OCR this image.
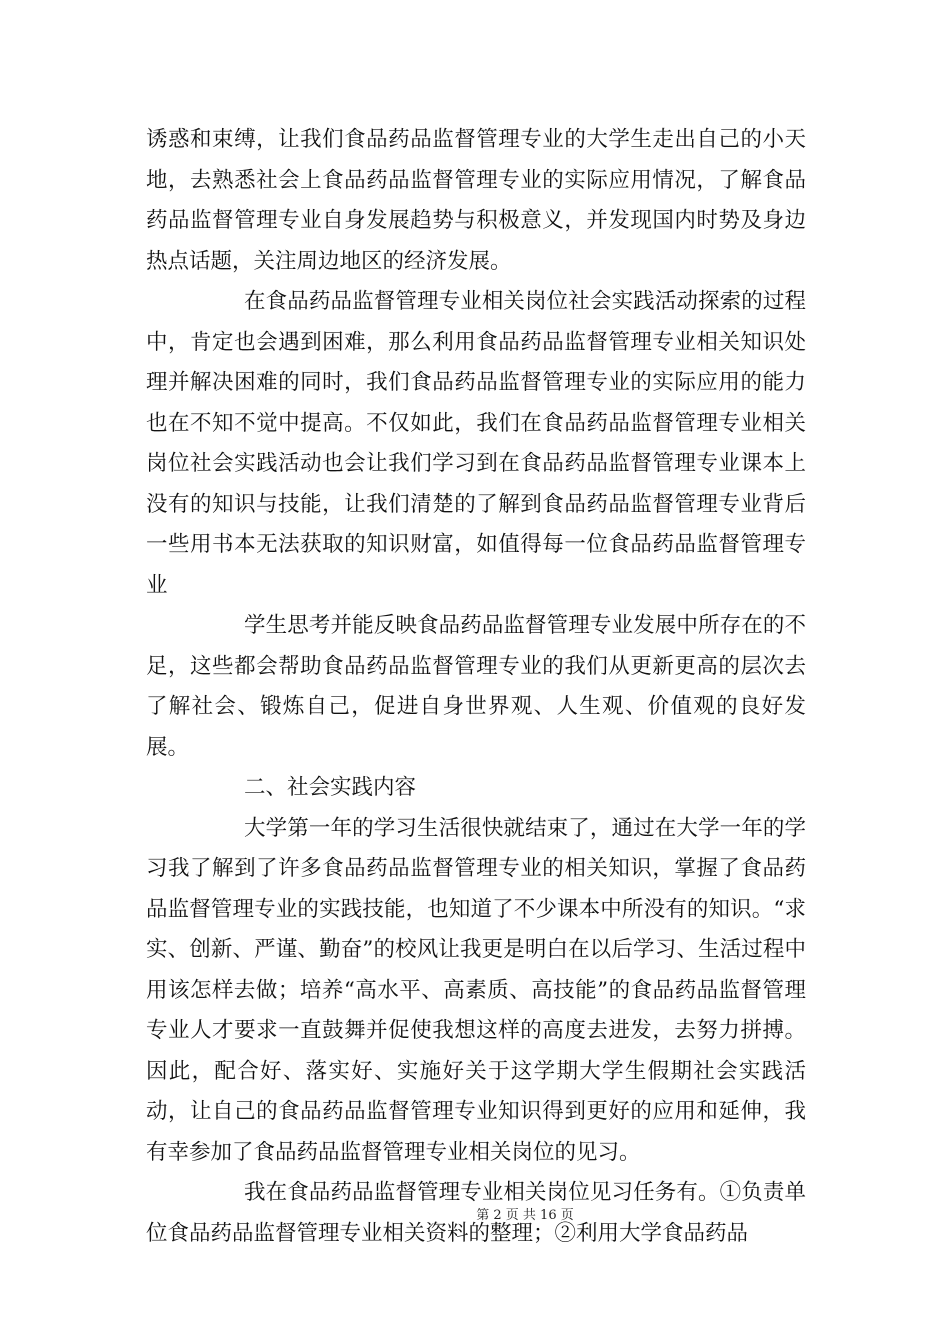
诱惑和束缚，让我们食品药品监督管理专业的大学生走出自己的小天地，去熟悉社会上食品药品监督管理专业的实际应用情况，了解食品药品监督管理专业自身发展趋势与积极意义，并发现国内时势及身边热点话题，关注周边地区的经济发展。

在食品药品监督管理专业相关岗位社会实践活动探索的过程中，肯定也会遇到困难，那么利用食品药品监督管理专业相关知识处理并解决困难的同时，我们食品药品监督管理专业的实际应用的能力也在不知不觉中提高。不仅如此，我们在食品药品监督管理专业相关岗位社会实践活动也会让我们学习到在食品药品监督管理专业课本上没有的知识与技能，让我们清楚的了解到食品药品监督管理专业背后一些用书本无法获取的知识财富，如值得每一位食品药品监督管理专业

学生思考并能反映食品药品监督管理专业发展中所存在的不足，这些都会帮助食品药品监督管理专业的我们从更新更高的层次去了解社会、锻炼自己，促进自身世界观、人生观、价值观的良好发展。

二、社会实践内容

大学第一年的学习生活很快就结束了，通过在大学一年的学习我了解到了许多食品药品监督管理专业的相关知识，掌握了食品药品监督管理专业的实践技能，也知道了不少课本中所没有的知识。“求实、创新、严谨、勤奋”的校风让我更是明白在以后学习、生活过程中用该怎样去做；培养“高水平、高素质、高技能”的食品药品监督管理专业人才要求一直鼓舞并促使我想这样的高度去进发，去努力拼搏。因此，配合好、落实好、实施好关于这学期大学生假期社会实践活动，让自己的食品药品监督管理专业知识得到更好的应用和延伸，我有幸参加了食品药品监督管理专业相关岗位的见习。

我在食品药品监督管理专业相关岗位见习任务有。①负责单位食品药品监督管理专业相关资料的整理；②利用大学食品药品

第 2 页 共 16 页
